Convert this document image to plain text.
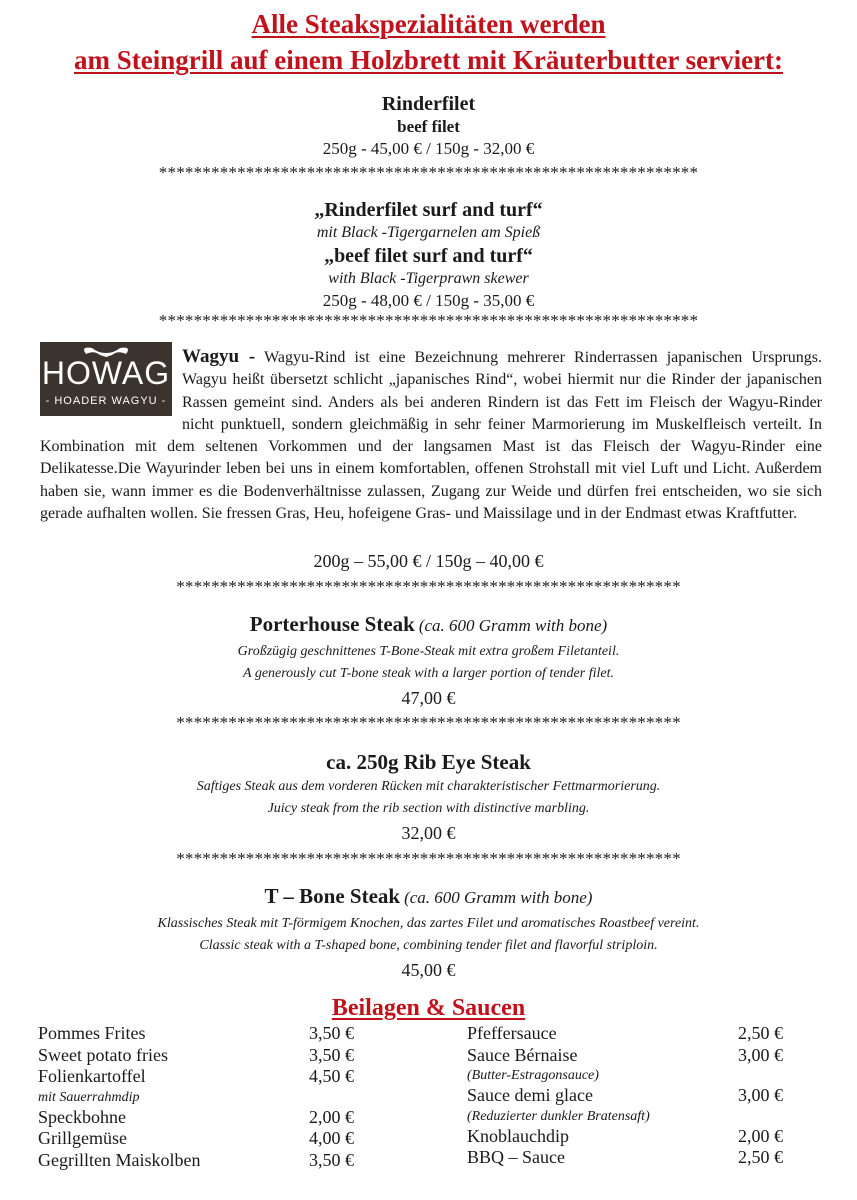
Alle Steakspezialitäten werden
am Steingrill auf einem Holzbrett mit Kräuterbutter serviert:
Rinderfilet
beef filet
250g - 45,00 € / 150g - 32,00 €
**************************************************************
„Rinderfilet surf and turf“
mit Black -Tigergarnelen am Spieß
„beef filet surf and turf“
with Black -Tigerprawn skewer
250g - 48,00 € / 150g - 35,00 €
**************************************************************
HOWAG
- HOADER WAGYU -
Wagyu - Wagyu-Rind ist eine Bezeichnung mehrerer Rinderrassen japanischen Ursprungs. Wagyu heißt übersetzt schlicht „japanisches Rind“, wobei hiermit nur die Rinder der japanischen Rassen gemeint sind. Anders als bei anderen Rindern ist das Fett im Fleisch der Wagyu-Rinder nicht punktuell, sondern gleichmäßig in sehr feiner Marmorierung im Muskelfleisch verteilt. In Kombination mit dem seltenen Vorkommen und der langsamen Mast ist das Fleisch der Wagyu-Rinder eine Delikatesse.Die Wayurinder leben bei uns in einem komfortablen, offenen Strohstall mit viel Luft und Licht. Außerdem haben sie, wann immer es die Bodenverhältnisse zulassen, Zugang zur Weide und dürfen frei entscheiden, wo sie sich gerade aufhalten wollen. Sie fressen Gras, Heu, hofeigene Gras- und Maissilage und in der Endmast etwas Kraftfutter.
200g – 55,00 € / 150g – 40,00 €
**********************************************************
Porterhouse Steak (ca. 600 Gramm with bone)
Großzügig geschnittenes T-Bone-Steak mit extra großem Filetanteil.
A generously cut T-bone steak with a larger portion of tender filet.
47,00 €
**********************************************************
ca. 250g Rib Eye Steak
Saftiges Steak aus dem vorderen Rücken mit charakteristischer Fettmarmorierung.
Juicy steak from the rib section with distinctive marbling.
32,00 €
**********************************************************
T – Bone Steak (ca. 600 Gramm with bone)
Klassisches Steak mit T-förmigem Knochen, das zartes Filet und aromatisches Roastbeef vereint.
Classic steak with a T-shaped bone, combining tender filet and flavorful striploin.
45,00 €
Beilagen & Saucen
Pommes Frites	3,50 €
Sweet potato fries	3,50 €
Folienkartoffel	4,50 €
mit Sauerrahmdip
Speckbohne	2,00 €
Grillgemüse	4,00 €
Gegrillten Maiskolben	3,50 €
Pfeffersauce	2,50 €
Sauce Bérnaise	3,00 €
(Butter-Estragonsauce)
Sauce demi glace	3,00 €
(Reduzierter dunkler Bratensaft)
Knoblauchdip	2,00 €
BBQ – Sauce	2,50 €
